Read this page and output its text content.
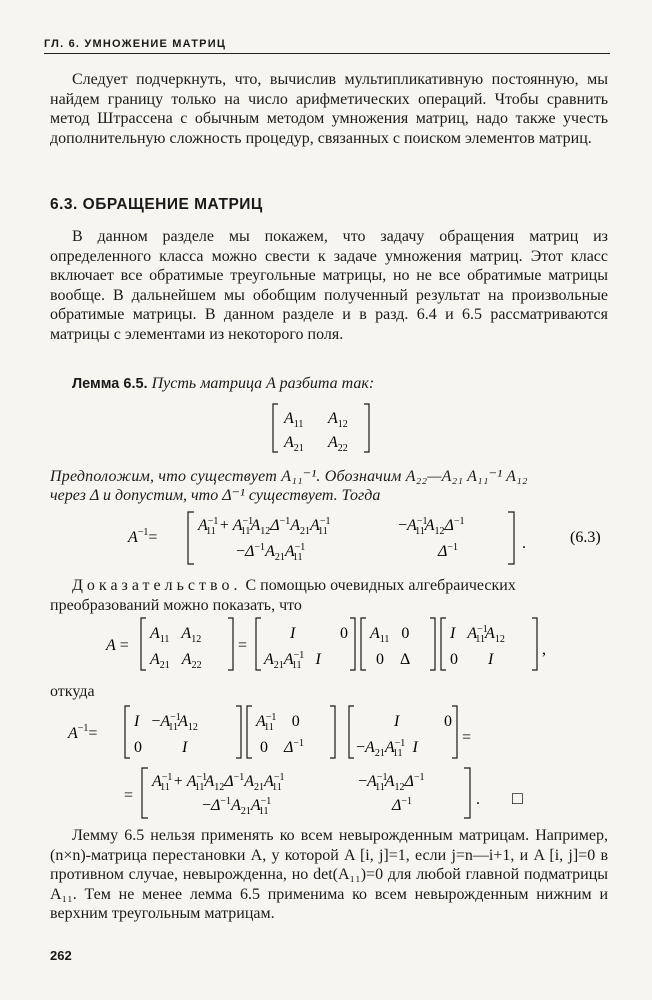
ГЛ. 6. УМНОЖЕНИЕ МАТРИЦ
Следует подчеркнуть, что, вычислив мультипликативную постоянную, мы найдем границу только на число арифметических операций. Чтобы сравнить метод Штрассена с обычным методом умножения матриц, надо также учесть дополнительную сложность процедур, связанных с поиском элементов матриц.
6.3. ОБРАЩЕНИЕ МАТРИЦ
В данном разделе мы покажем, что задачу обращения матриц из определенного класса можно свести к задаче умножения матриц. Этот класс включает все обратимые треугольные матрицы, но не все обратимые матрицы вообще. В дальнейшем мы обобщим полученный результат на произвольные обратимые матрицы. В данном разделе и в разд. 6.4 и 6.5 рассматриваются матрицы с элементами из некоторого поля.
Лемма 6.5. Пусть матрица A разбита так:
$A_{11}$ $A_{12}$
$A_{21}$ $A_{22}$
Предположим, что существует A₁₁⁻¹. Обозначим A₂₂—A₂₁ A₁₁⁻¹ A₁₂
через Δ и допустим, что Δ⁻¹ существует. Тогда
$A^{-1}=$
$A^{-1}$ $11 + A^{-1}$ $11A_{12}\Delta^{-1}A_{21}A^{-1}$ 11	$-A^{-1}$ $11A_{12}\Delta^{-1}$
$-\Delta^{-1}A_{21}A^{-1}$ 11	$\Delta^{-1}$	.	(6.3)
Доказательство. С помощью очевидных алгебраических преобразований можно показать, что
A =
$A_{11}$ $A_{12}$
$A_{21}$ $A_{22}$
=
I	0
$A_{21}A^{-1}$ 11 I
$A_{11}$ 0
0 Δ
I $A^{-1}$ $11A_{12}$
0 I
,
откуда
$A^{-1}=$
$I -A^{-1}$ $11A_{12}$
0	I
$A^{-1}$ 11 0
0 $\Delta^{-1}$
I	0
$-A_{21}A^{-1}$ 11 I
=
=
$A^{-1}$ $11 + A^{-1}$ $11A_{12}\Delta^{-1}A_{21}A^{-1}$ 11	$-A^{-1}$ $11A_{12}\Delta^{-1}$
$-\Delta^{-1}A_{21}A^{-1}$ 11	$\Delta^{-1}$	. □
Лемму 6.5 нельзя применять ко всем невырожденным матрицам. Например, (n×n)-матрица перестановки A, у которой A [i, j]=1, если j=n—i+1, и A [i, j]=0 в противном случае, невырожденна, но det(A₁₁)=0 для любой главной подматрицы A₁₁. Тем не менее лемма 6.5 применима ко всем невырожденным нижним и верхним треугольным матрицам.
262
